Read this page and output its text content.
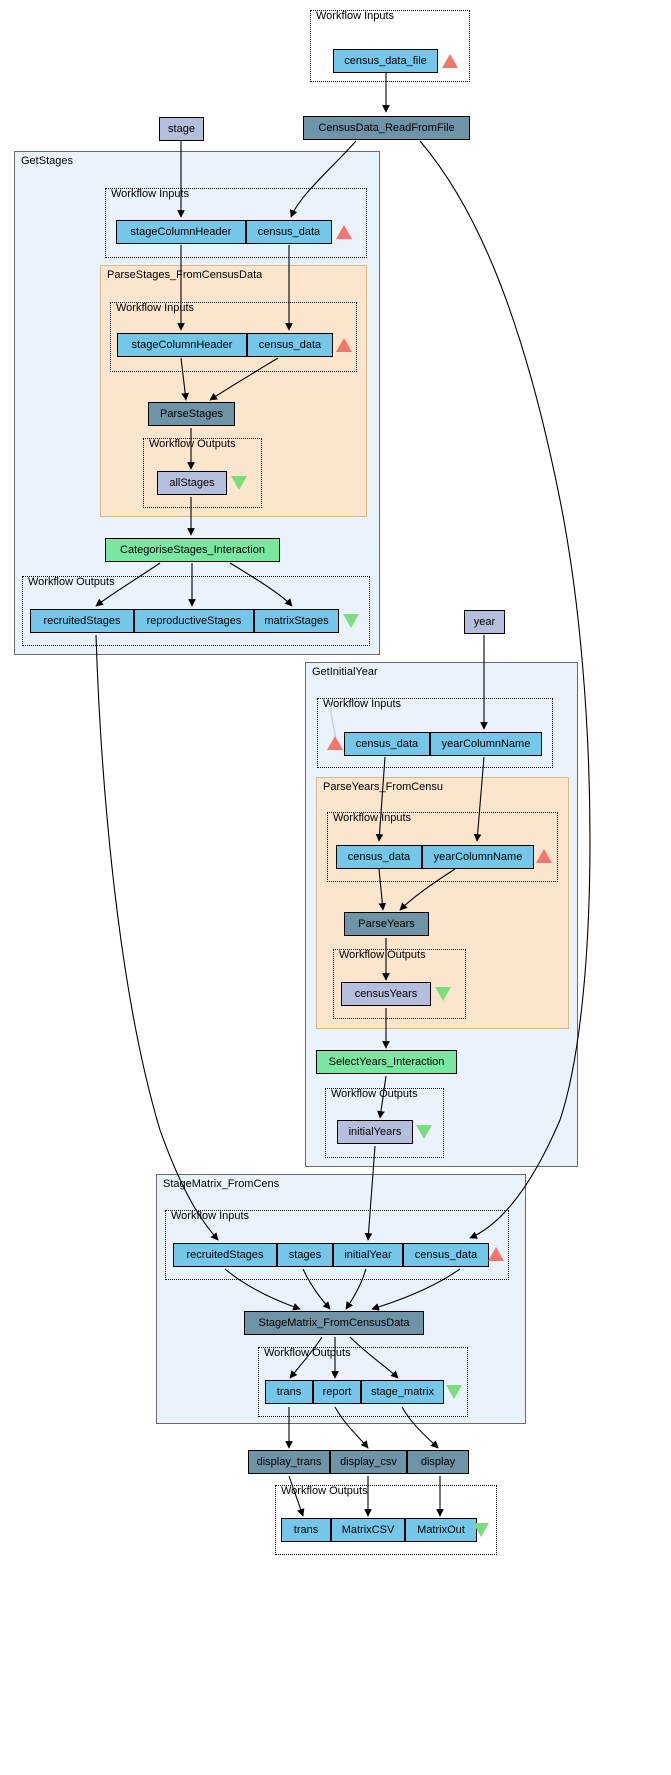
Workflow Inputs
GetStages
Workflow Inputs
ParseStages_FromCensusData
Workflow Inputs
Workflow Outputs
Workflow Outputs
GetInitialYear
Workflow Inputs
ParseYears_FromCensu
Workflow Inputs
Workflow Outputs
Workflow Outputs
StageMatrix_FromCens
Workflow Inputs
Workflow Outputs
Workflow Outputs
census_data_file
CensusData_ReadFromFile
stage
stageColumnHeader census_data
stageColumnHeader census_data
ParseStages
allStages
CategoriseStages_Interaction
recruitedStages reproductiveStages matrixStages	year
census_data yearColumnName
census_data yearColumnName
ParseYears
censusYears
SelectYears_Interaction
initialYears
recruitedStages stages initialYear census_data
StageMatrix_FromCensusData
trans report stage_matrix
display_trans display_csv display
trans MatrixCSV MatrixOut
